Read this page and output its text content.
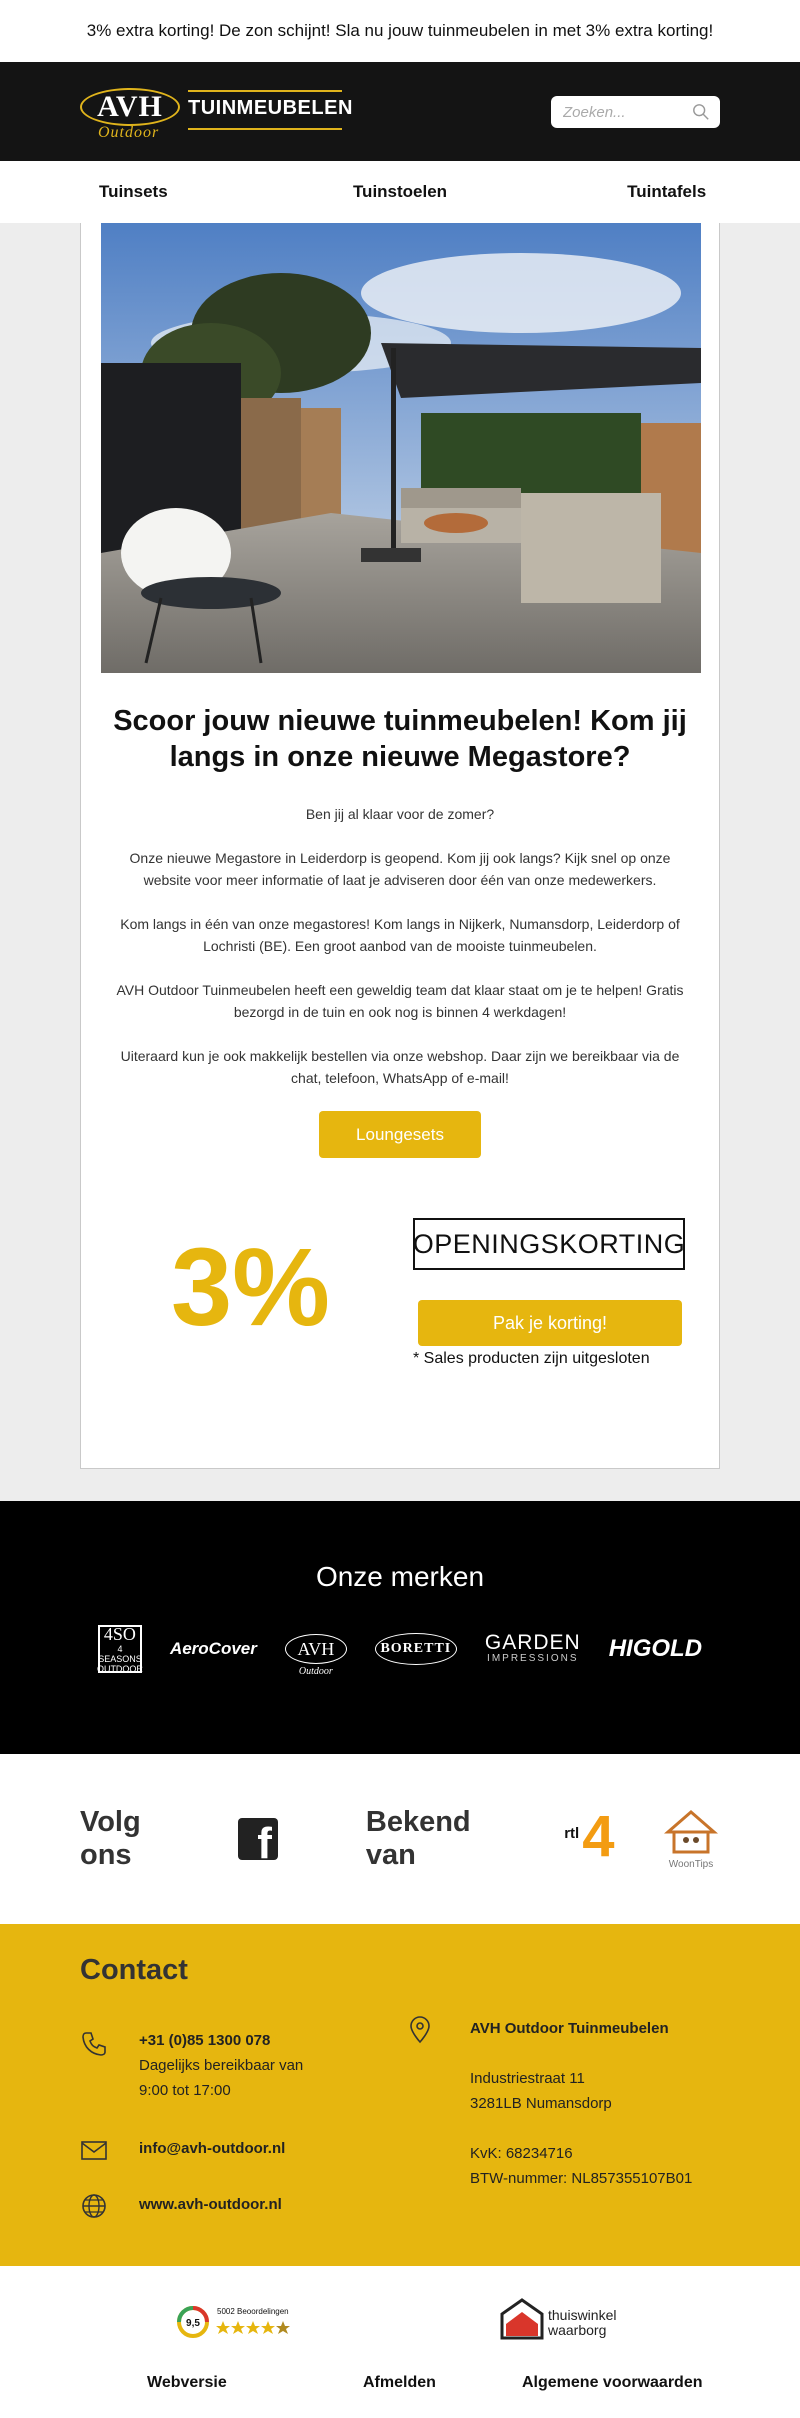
3% extra korting! De zon schijnt! Sla nu jouw tuinmeubelen in met 3% extra korting!
AVH
Outdoor
TUINMEUBELEN
Zoeken...
Tuinsets	Tuinstoelen	Tuintafels
Scoor jouw nieuwe tuinmeubelen! Kom jij langs in onze nieuwe Megastore?

Ben jij al klaar voor de zomer?

Onze nieuwe Megastore in Leiderdorp is geopend. Kom jij ook langs? Kijk snel op onze website voor meer informatie of laat je adviseren door één van onze medewerkers.

Kom langs in één van onze megastores! Kom langs in Nijkerk, Numansdorp, Leiderdorp of Lochristi (BE). Een groot aanbod van de mooiste tuinmeubelen.

AVH Outdoor Tuinmeubelen heeft een geweldig team dat klaar staat om je te helpen! Gratis bezorgd in de tuin en ook nog is binnen 4 werkdagen!

Uiteraard kun je ook makkelijk bestellen via onze webshop. Daar zijn we bereikbaar via de chat, telefoon, WhatsApp of e-mail!

Loungesets
3%	OPENINGSKORTING
Pak je korting!
* Sales producten zijn uitgesloten
Onze merken
4SO
4 SEASONS
OUTDOOR
AeroCover AVH
Outdoor
BORETTI GARDEN
IMPRESSIONS HIGOLD
Volg ons	f	Bekend van
rtl 4	WoonTips
Contact
+31 (0)85 1300 078
Dagelijks bereikbaar van
9:00 tot 17:00
info@avh-outdoor.nl
www.avh-outdoor.nl
AVH Outdoor Tuinmeubelen

Industriestraat 11
3281LB Numansdorp

KvK: 68234716
BTW-nummer: NL857355107B01
9,5
5002 Beoordelingen	thuiswinkel
waarborg
Webversie	Afmelden	Algemene voorwaarden
